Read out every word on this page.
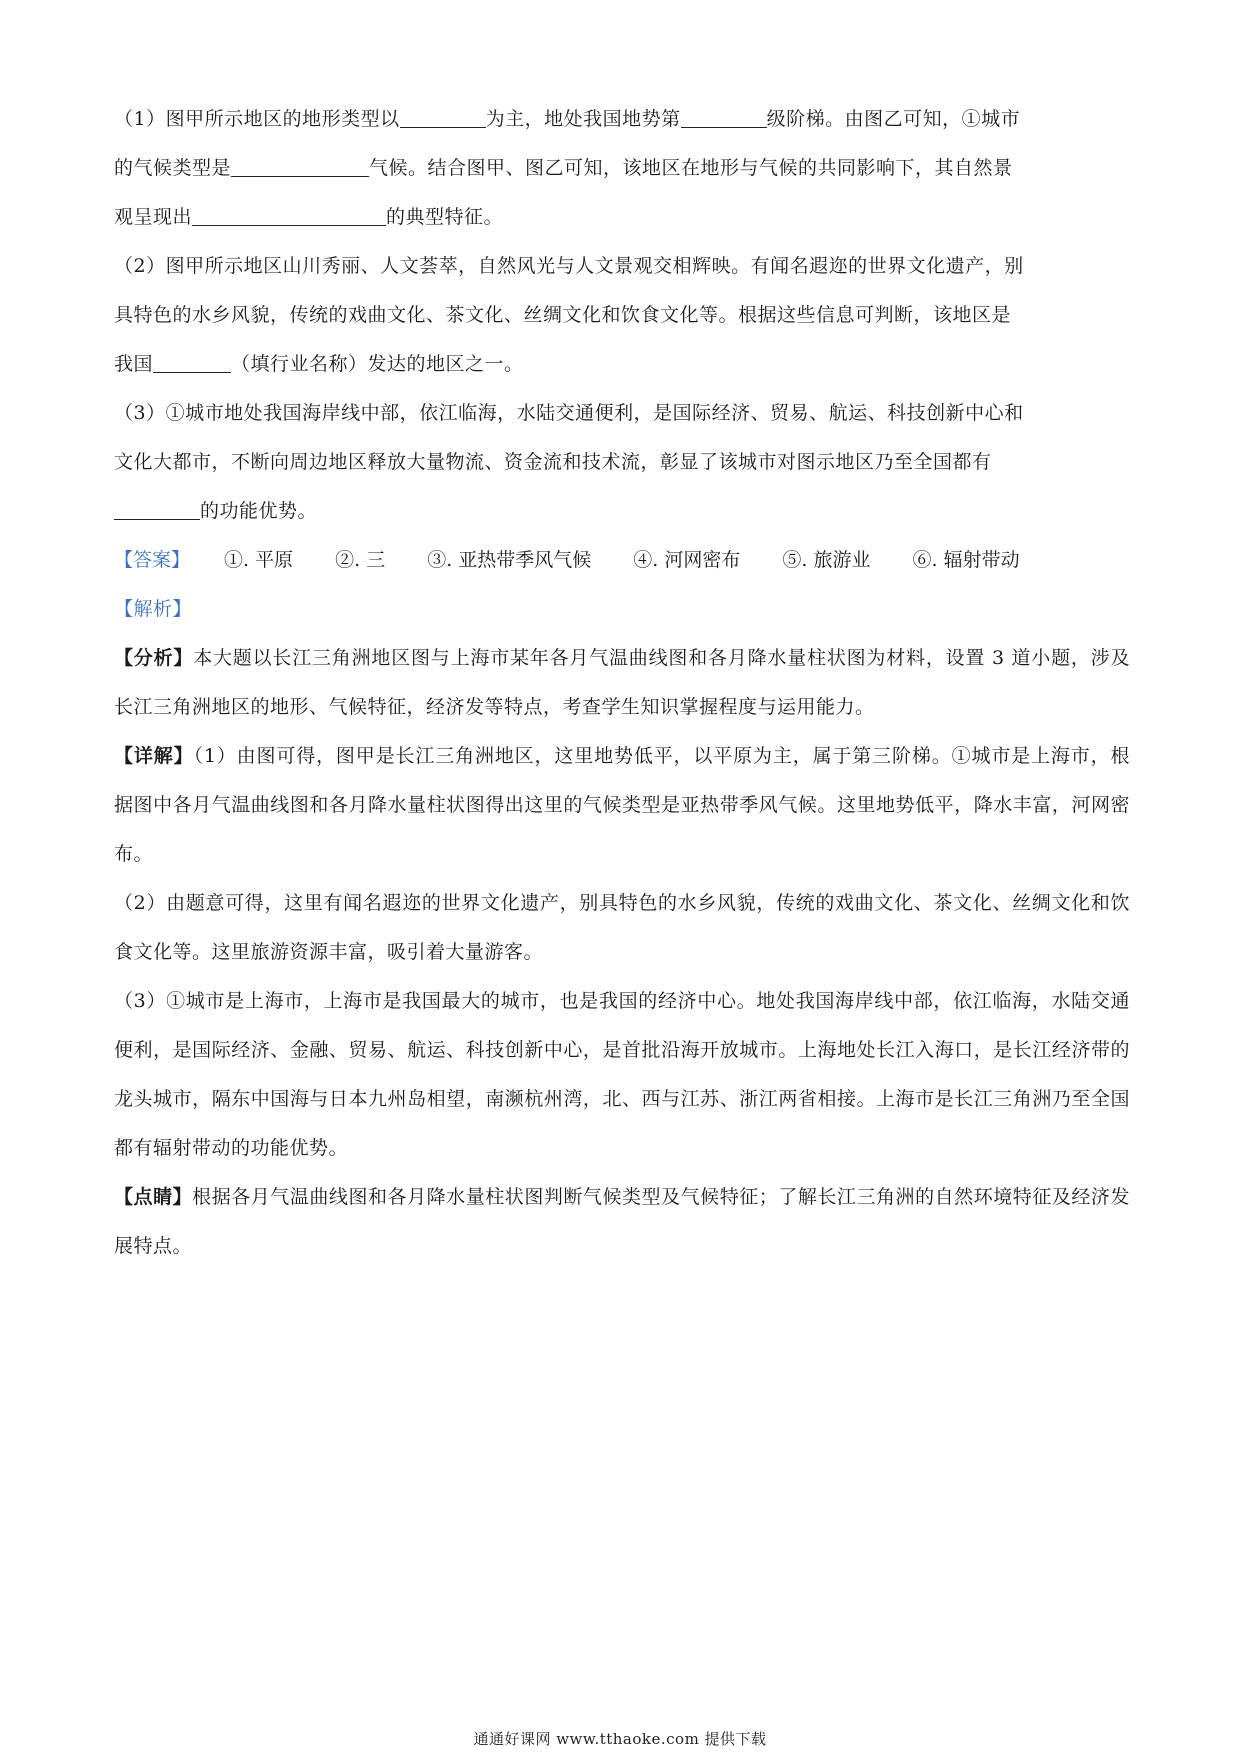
（1）图甲所示地区的地形类型以	为主，地处我国地势第	级阶梯。由图乙可知，①城市
的气候类型是	气候。结合图甲、图乙可知，该地区在地形与气候的共同影响下，其自然景
观呈现出	的典型特征。

（2）图甲所示地区山川秀丽、人文荟萃，自然风光与人文景观交相辉映。有闻名遐迩的世界文化遗产，别
具特色的水乡风貌，传统的戏曲文化、茶文化、丝绸文化和饮食文化等。根据这些信息可判断，该地区是
我国	（填行业名称）发达的地区之一。

（3）①城市地处我国海岸线中部，依江临海，水陆交通便利，是国际经济、贸易、航运、科技创新中心和
文化大都市，不断向周边地区释放大量物流、资金流和技术流，彰显了该城市对图示地区乃至全国都有
的功能优势。

【答案】 ①. 平原 ②. 三 ③. 亚热带季风气候 ④. 河网密布 ⑤. 旅游业 ⑥. 辐射带动

【解析】

【分析】本大题以长江三角洲地区图与上海市某年各月气温曲线图和各月降水量柱状图为材料，设置 3 道小题，涉及长江三角洲地区的地形、气候特征，经济发等特点，考查学生知识掌握程度与运用能力。

【详解】（1）由图可得，图甲是长江三角洲地区，这里地势低平，以平原为主，属于第三阶梯。①城市是上海市，根据图中各月气温曲线图和各月降水量柱状图得出这里的气候类型是亚热带季风气候。这里地势低平，降水丰富，河网密布。

（2）由题意可得，这里有闻名遐迩的世界文化遗产，别具特色的水乡风貌，传统的戏曲文化、茶文化、丝绸文化和饮食文化等。这里旅游资源丰富，吸引着大量游客。

（3）①城市是上海市，上海市是我国最大的城市，也是我国的经济中心。地处我国海岸线中部，依江临海，水陆交通便利，是国际经济、金融、贸易、航运、科技创新中心，是首批沿海开放城市。上海地处长江入海口，是长江经济带的龙头城市，隔东中国海与日本九州岛相望，南濒杭州湾，北、西与江苏、浙江两省相接。上海市是长江三角洲乃至全国都有辐射带动的功能优势。

【点睛】根据各月气温曲线图和各月降水量柱状图判断气候类型及气候特征；了解长江三角洲的自然环境特征及经济发展特点。

通通好课网 www.tthaoke.com 提供下载
